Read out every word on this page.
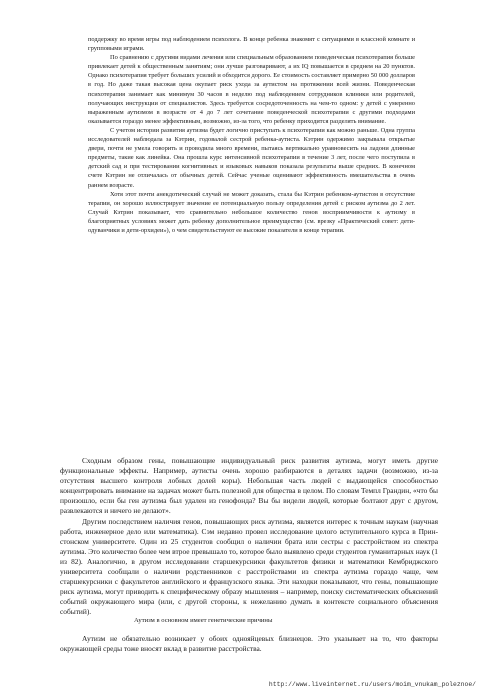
поддержку во время игры под наблюдением психолога. В конце ребенка знакомят с ситуациями в классной комнате и групповыми играми.

По сравнению с другими видами лечения или специальным образованием поведенческая психотерапия больше привлекает детей к общественным занятиям; они лучше разговаривают, а их IQ повышается в среднем на 20 пунктов. Однако психотерапия требует больших усилий и обходится дорого. Ее стоимость составляет примерно 50 000 долларов в год. Но даже такая высокая цена окупает риск ухода за аутистом на протяжении всей жизни. Поведенческая психотерапия занимает как минимум 30 часов в неделю под наблюдением сотрудников клиники или родителей, получающих инструкции от специалистов. Здесь требуется сосредоточенность на чем-то одном: у детей с умеренно выраженным аутизмом в возрасте от 4 до 7 лет сочетание поведенческой психотерапии с другими подходами оказывается гораздо менее эффективным, возможно, из-за того, что ребенку приходится разделять внимание.

С учетом истории развития аутизма будет логично приступать к психотерапии как можно раньше. Одна группа исследователей наблюдала за Кэтрин, годовалой сестрой ребенка-аутиста. Кэтрин одержимо закрывала открытые двери, почти не умела говорить и проводила много времени, пытаясь вертикально уравновесить на ладони длинные предметы, такие как линейка. Она прошла курс интенсивной психотерапии в течение 3 лет, после чего поступила в детский сад и при тестировании когнитивных и языковых навыков показала результаты выше средних. В конечном счете Кэтрин не отличалась от обычных детей. Сейчас ученые оценивают эффективность вмешательства в очень раннем возрасте.

Хотя этот почти анекдотический случай не может доказать, стала бы Кэтрин ребенком-аутистом в отсутствие терапии, он хорошо иллюстрирует значение ее потенциальную пользу определения детей с риском аутизма до 2 лет. Случай Кэтрин показывает, что сравнительно небольшое количество генов восприимчивости к аутизму в благоприятных условиях может дать ребенку дополнительное преимущество (см. врезку «Практический совет: дети-одуванчики и дети-орхидеи»), о чем свидетельствуют ее высокие показатели в конце терапии.

Сходным образом гены, повышающие индивидуальный риск развития аутизма, могут иметь другие функциональные эффекты. Например, аутисты очень хорошо разбираются в деталях задачи (возможно, из-за отсутствия высшего контроля лобных долей коры). Небольшая часть людей с выдающейся способностью концентрировать внимание на задачах может быть полезной для общества в целом. По словам Темпл Грандин, «что бы произошло, если бы ген аутизма был удален из генофонда? Вы бы видели людей, которые болтают друг с другом, развлекаются и ничего не делают».

Другим последствием наличия генов, повышающих риск аутизма, является интерес к точным наукам (научная работа, инженерное дело или математика). Сэм недавно провел исследование целого вступительного курса в Прин-стонском университете. Один из 25 студентов сообщил о наличии брата или сестры с расстройством из спектра аутизма. Это количество более чем втрое превышало то, которое было выявлено среди студентов гуманитарных наук (1 из 82). Аналогично, в другом исследовании старшекурсники факультетов физики и математики Кембриджского университета сообщали о наличии родственников с расстройствами из спектра аутизма гораздо чаще, чем старшекурсники с факультетов английского и французского языка. Эти находки показывают, что гены, повышающие риск аутизма, могут приводить к специфическому образу мышления – например, поиску систематических объяснений событий окружающего мира (или, с другой стороны, к нежеланию думать в контексте социального объяснения событий).

Аутизм в основном имеет генетические причины

Аутизм не обязательно возникает у обоих однояйцевых близнецов. Это указывает на то, что факторы окружающей среды тоже вносят вклад в развитие расстройства.

http://www.liveinternet.ru/users/moim_vnukam_poleznoe/
